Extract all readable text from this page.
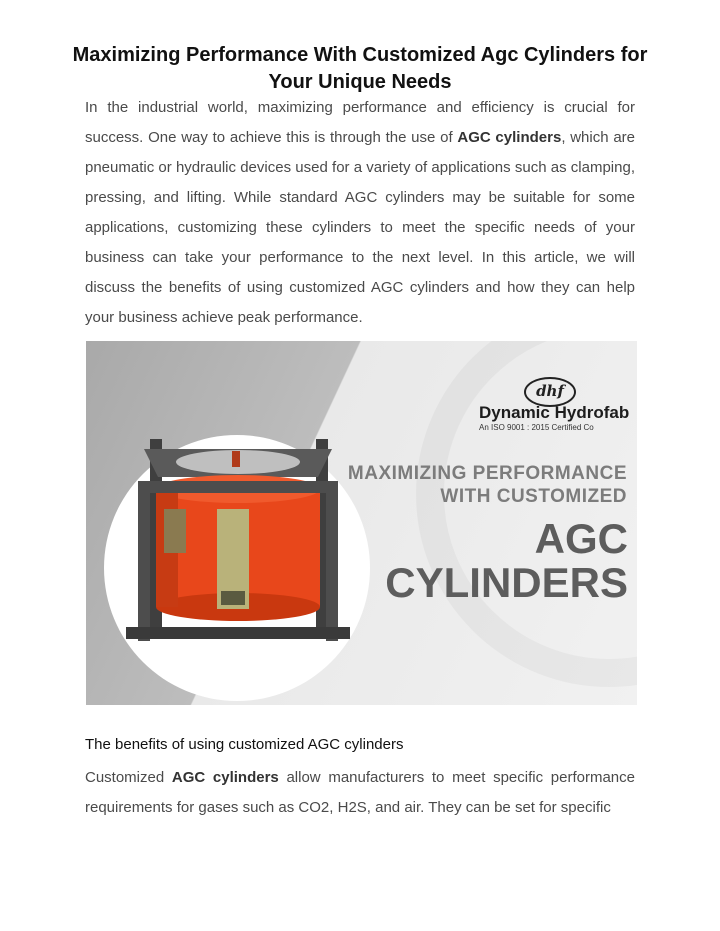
Maximizing Performance With Customized Agc Cylinders for Your Unique Needs

In the industrial world, maximizing performance and efficiency is crucial for success. One way to achieve this is through the use of AGC cylinders, which are pneumatic or hydraulic devices used for a variety of applications such as clamping, pressing, and lifting. While standard AGC cylinders may be suitable for some applications, customizing these cylinders to meet the specific needs of your business can take your performance to the next level. In this article, we will discuss the benefits of using customized AGC cylinders and how they can help your business achieve peak performance.

dhf
Dynamic Hydrofab
An ISO 9001 : 2015 Certified Co
MAXIMIZING PERFORMANCE
WITH CUSTOMIZED
AGC
CYLINDERS
The benefits of using customized AGC cylinders

Customized AGC cylinders allow manufacturers to meet specific performance requirements for gases such as CO2, H2S, and air. They can be set for specific
